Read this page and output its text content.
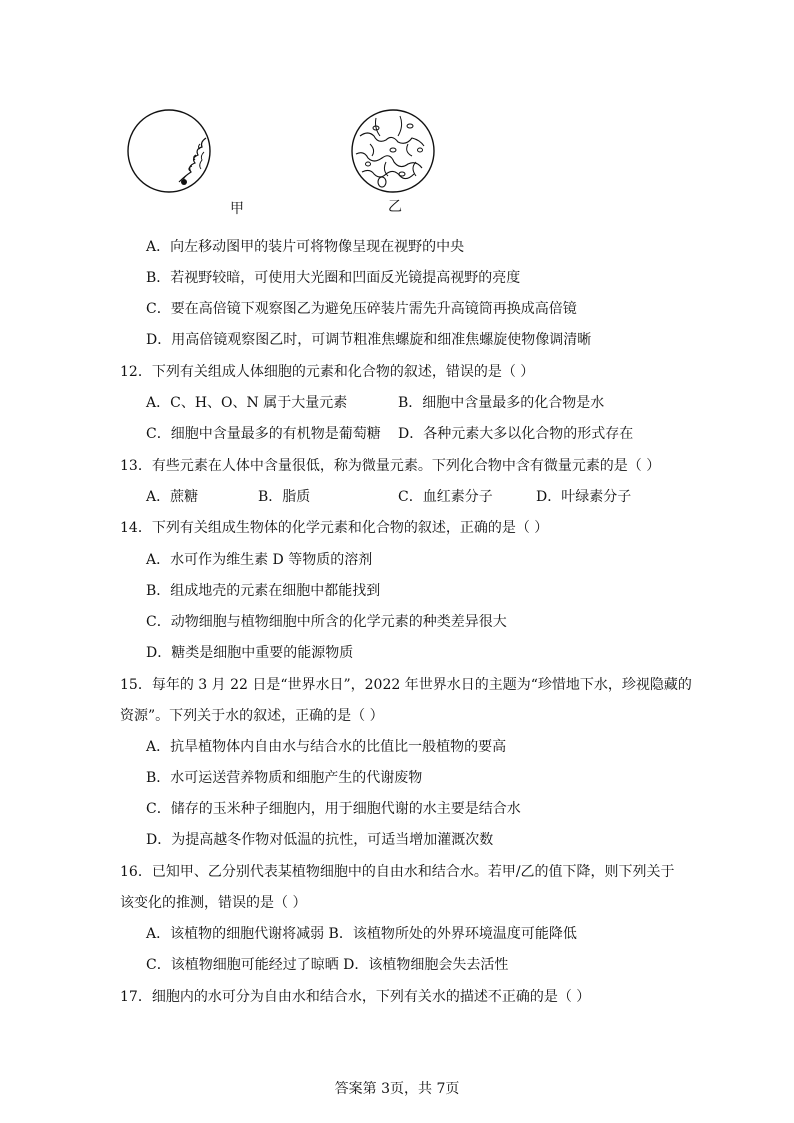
甲	乙
A．向左移动图甲的装片可将物像呈现在视野的中央
B．若视野较暗，可使用大光圈和凹面反光镜提高视野的亮度
C．要在高倍镜下观察图乙为避免压碎装片需先升高镜筒再换成高倍镜
D．用高倍镜观察图乙时，可调节粗准焦螺旋和细准焦螺旋使物像调清晰
12．下列有关组成人体细胞的元素和化合物的叙述，错误的是（ ）
A．C、H、O、N 属于大量元素	B．细胞中含量最多的化合物是水
C．细胞中含量最多的有机物是葡萄糖 D．各种元素大多以化合物的形式存在
13．有些元素在人体中含量很低，称为微量元素。下列化合物中含有微量元素的是（ ）
A．蔗糖	B．脂质	C．血红素分子	D．叶绿素分子
14．下列有关组成生物体的化学元素和化合物的叙述，正确的是（ ）
A．水可作为维生素 D 等物质的溶剂
B．组成地壳的元素在细胞中都能找到
C．动物细胞与植物细胞中所含的化学元素的种类差异很大
D．糖类是细胞中重要的能源物质
15．每年的 3 月 22 日是“世界水日”，2022 年世界水日的主题为“珍惜地下水，珍视隐藏的
资源”。下列关于水的叙述，正确的是（ ）
A．抗旱植物体内自由水与结合水的比值比一般植物的要高
B．水可运送营养物质和细胞产生的代谢废物
C．储存的玉米种子细胞内，用于细胞代谢的水主要是结合水
D．为提高越冬作物对低温的抗性，可适当增加灌溉次数
16．已知甲、乙分别代表某植物细胞中的自由水和结合水。若甲/乙的值下降，则下列关于
该变化的推测，错误的是（ ）
A．该植物的细胞代谢将减弱 B．该植物所处的外界环境温度可能降低
C．该植物细胞可能经过了晾晒 D．该植物细胞会失去活性
17．细胞内的水可分为自由水和结合水，下列有关水的描述不正确的是（ ）
答案第 3页，共 7页
